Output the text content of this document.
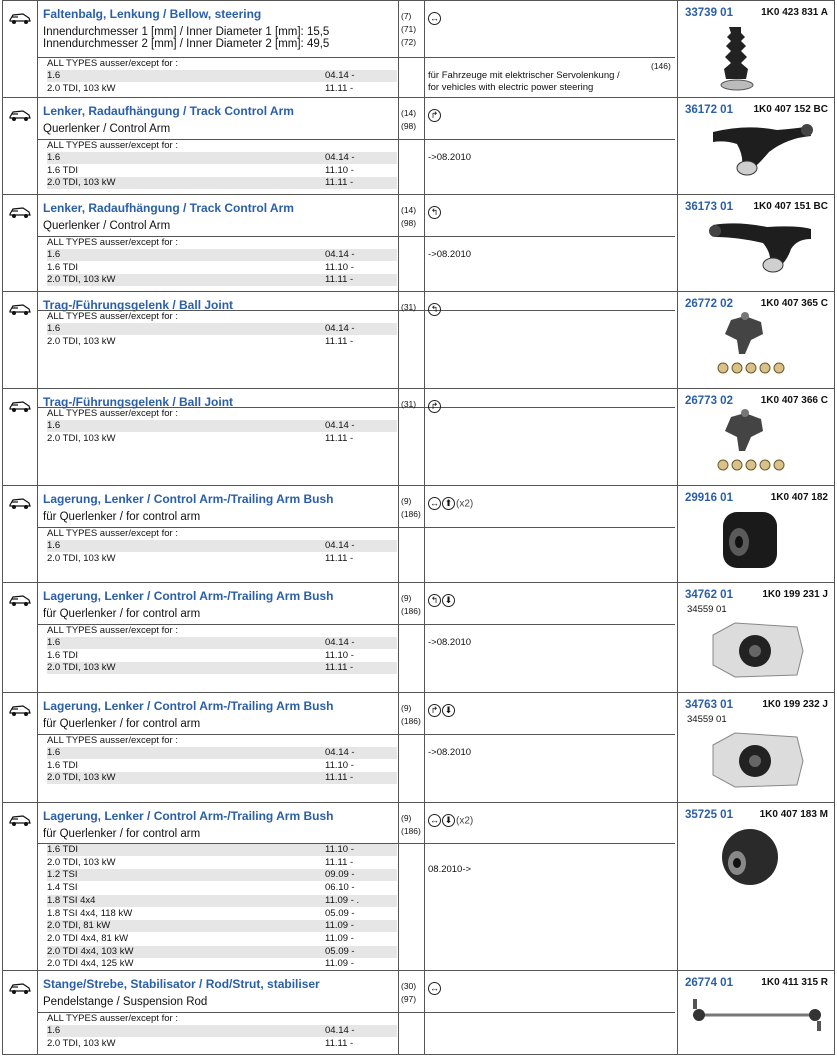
Faltenbalg, Lenkung / Bellow, steering
Innendurchmesser 1 [mm] / Inner Diameter 1 [mm]: 15,5
Innendurchmesser 2 [mm] / Inner Diameter 2 [mm]: 49,5
ALL TYPES ausser/except for :
1.6	04.14 -
2.0 TDI, 103 kW	11.11 -
(7)
(71)
(72)
↔
für Fahrzeuge mit elektrischer Servolenkung /
for vehicles with electric power steering
(146)
33739 01	1K0 423 831 A
Lenker, Radaufhängung / Track Control Arm
Querlenker / Control Arm
ALL TYPES ausser/except for :
1.6	04.14 -
1.6 TDI	11.10 -
2.0 TDI, 103 kW	11.11 -
(14)
(98)
↱
->08.2010
36172 01 1K0 407 152 BC
Lenker, Radaufhängung / Track Control Arm
Querlenker / Control Arm
ALL TYPES ausser/except for :
1.6	04.14 -
1.6 TDI	11.10 -
2.0 TDI, 103 kW	11.11 -
(14)
(98)
↰
->08.2010
36173 01 1K0 407 151 BC
Trag-/Führungsgelenk / Ball Joint
ALL TYPES ausser/except for :
1.6	04.14 -
2.0 TDI, 103 kW	11.11 -
(31)	↰	26772 02	1K0 407 365 C
Trag-/Führungsgelenk / Ball Joint
ALL TYPES ausser/except for :
1.6	04.14 -
2.0 TDI, 103 kW	11.11 -
(31)	↱	26773 02	1K0 407 366 C
Lagerung, Lenker / Control Arm-/Trailing Arm Bush
für Querlenker / for control arm
ALL TYPES ausser/except for :
1.6	04.14 -
2.0 TDI, 103 kW	11.11 -
(9)
(186)
↔ ⬆ (x2)	29916 01	1K0 407 182
Lagerung, Lenker / Control Arm-/Trailing Arm Bush
für Querlenker / for control arm
ALL TYPES ausser/except for :
1.6	04.14 -
1.6 TDI	11.10 -
2.0 TDI, 103 kW	11.11 -
(9)
(186)
↰ ⬇
->08.2010
34762 01	1K0 199 231 J
34559 01
Lagerung, Lenker / Control Arm-/Trailing Arm Bush
für Querlenker / for control arm
ALL TYPES ausser/except for :
1.6	04.14 -
1.6 TDI	11.10 -
2.0 TDI, 103 kW	11.11 -
(9)
(186)
↱ ⬇
->08.2010
34763 01	1K0 199 232 J
34559 01
Lagerung, Lenker / Control Arm-/Trailing Arm Bush
für Querlenker / for control arm
1.6 TDI	11.10 -
2.0 TDI, 103 kW	11.11 -
1.2 TSI	09.09 -
1.4 TSI	06.10 -
1.8 TSI 4x4	11.09 - .
1.8 TSI 4x4, 118 kW	05.09 -
2.0 TDI, 81 kW	11.09 -
2.0 TDI 4x4, 81 kW	11.09 -
2.0 TDI 4x4, 103 kW	05.09 -
2.0 TDI 4x4, 125 kW	11.09 -
(9)
(186)
↔ ⬇ (x2)
08.2010->
35725 01	1K0 407 183 M
Stange/Strebe, Stabilisator / Rod/Strut, stabiliser
Pendelstange / Suspension Rod
ALL TYPES ausser/except for :
1.6	04.14 -
2.0 TDI, 103 kW	11.11 -
(30)
(97)
↔	26774 01	1K0 411 315 R
